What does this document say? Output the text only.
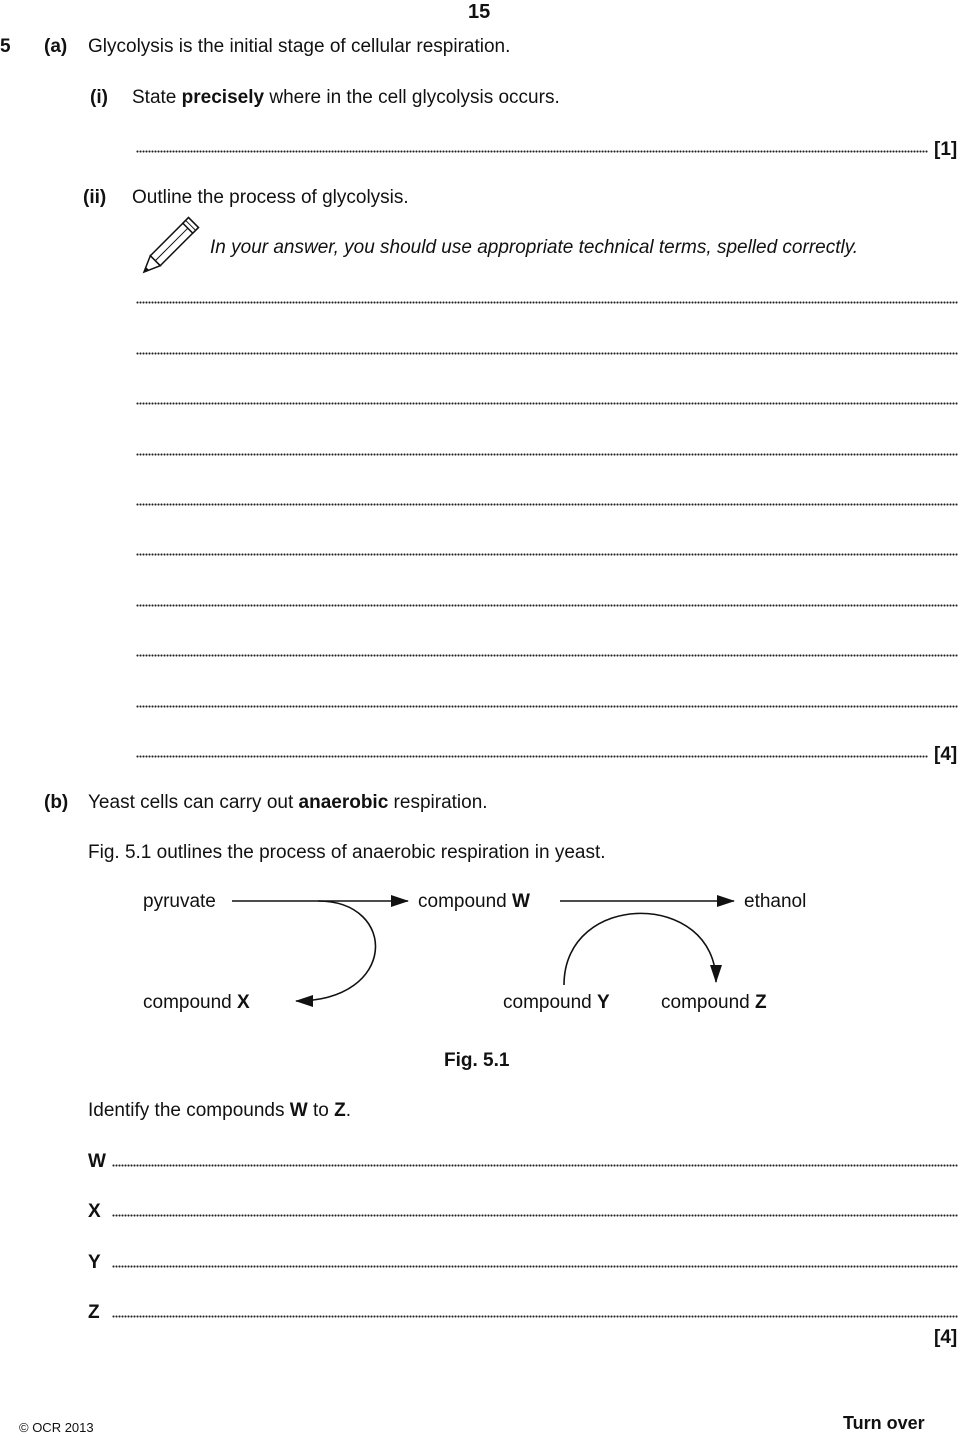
15
5 (a) Glycolysis is the initial stage of cellular respiration.
(i) State precisely where in the cell glycolysis occurs.
[1]
(ii) Outline the process of glycolysis.
In your answer, you should use appropriate technical terms, spelled correctly.
[4]
(b) Yeast cells can carry out anaerobic respiration.
Fig. 5.1 outlines the process of anaerobic respiration in yeast.
pyruvate	compound W	ethanol
compound X	compound Y	compound Z
Fig. 5.1
Identify the compounds W to Z.
W
X
Y
Z
[4]
© OCR 2013	Turn over
